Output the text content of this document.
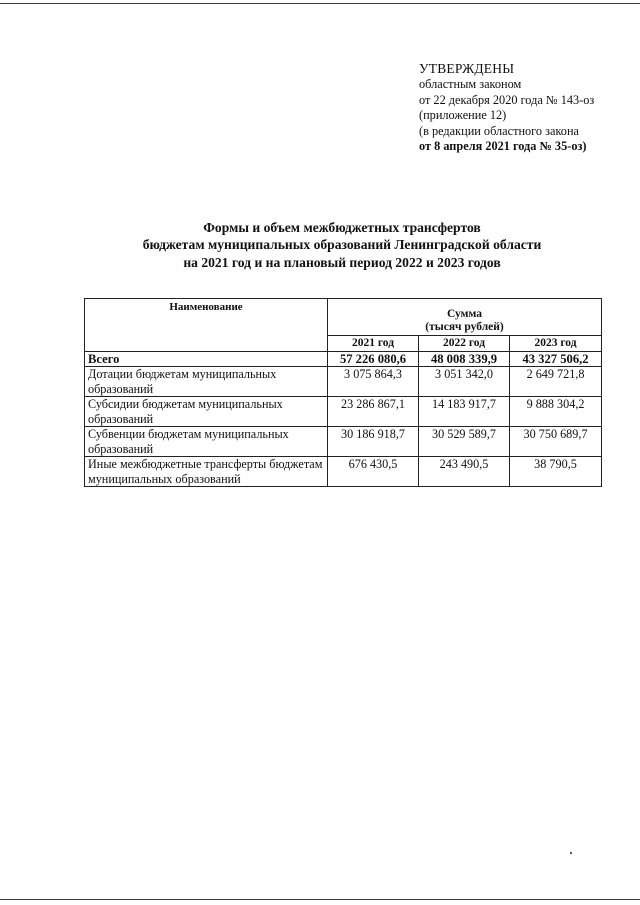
УТВЕРЖДЕНЫ
областным законом
от 22 декабря 2020 года № 143-оз
(приложение 12)
(в редакции областного закона
от 8 апреля 2021 года № 35-оз)
Формы и объем межбюджетных трансфертов
бюджетам муниципальных образований Ленинградской области
на 2021 год и на плановый период 2022 и 2023 годов
Наименование	Сумма
(тысяч рублей)		

	2021 год	2022 год	2023 год
Всего	57 226 080,6	48 008 339,9	43 327 506,2
Дотации бюджетам муниципальных образований	3 075 864,3	3 051 342,0	2 649 721,8
Субсидии бюджетам муниципальных образований	23 286 867,1	14 183 917,7	9 888 304,2
Субвенции бюджетам муниципальных образований	30 186 918,7	30 529 589,7	30 750 689,7
Иные межбюджетные трансферты бюджетам муниципальных образований	676 430,5	243 490,5	38 790,5
